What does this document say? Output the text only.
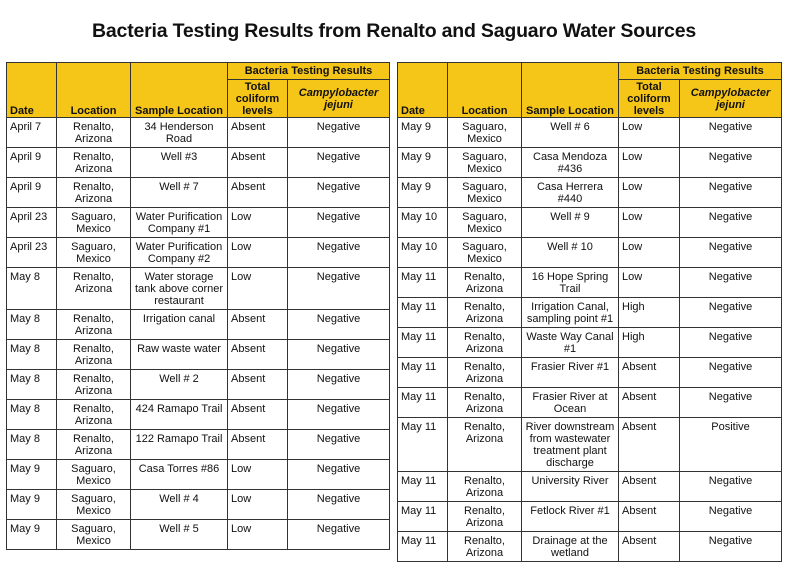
Bacteria Testing Results from Renalto and Saguaro Water Sources
Date	Location	Sample Location	Bacteria Testing Results	
			Total coliform levels	Campylobacter jejuni
April 7	Renalto, Arizona	34 Henderson Road	Absent	Negative
April 9	Renalto, Arizona	Well #3	Absent	Negative
April 9	Renalto, Arizona	Well # 7	Absent	Negative
April 23	Saguaro, Mexico	Water Purification Company #1	Low	Negative
April 23	Saguaro, Mexico	Water Purification Company #2	Low	Negative
May 8	Renalto, Arizona	Water storage tank above corner restaurant	Low	Negative
May 8	Renalto, Arizona	Irrigation canal	Absent	Negative
May 8	Renalto, Arizona	Raw waste water	Absent	Negative
May 8	Renalto, Arizona	Well # 2	Absent	Negative
May 8	Renalto, Arizona	424 Ramapo Trail	Absent	Negative
May 8	Renalto, Arizona	122 Ramapo Trail	Absent	Negative
May 9	Saguaro, Mexico	Casa Torres #86	Low	Negative
May 9	Saguaro, Mexico	Well # 4	Low	Negative
May 9	Saguaro, Mexico	Well # 5	Low	Negative
Date	Location	Sample Location	Bacteria Testing Results	
			Total coliform levels	Campylobacter jejuni
May 9	Saguaro, Mexico	Well # 6	Low	Negative
May 9	Saguaro, Mexico	Casa Mendoza #436	Low	Negative
May 9	Saguaro, Mexico	Casa Herrera #440	Low	Negative
May 10	Saguaro, Mexico	Well # 9	Low	Negative
May 10	Saguaro, Mexico	Well # 10	Low	Negative
May 11	Renalto, Arizona	16 Hope Spring Trail	Low	Negative
May 11	Renalto, Arizona	Irrigation Canal, sampling point #1	High	Negative
May 11	Renalto, Arizona	Waste Way Canal #1	High	Negative
May 11	Renalto, Arizona	Frasier River #1	Absent	Negative
May 11	Renalto, Arizona	Frasier River at Ocean	Absent	Negative
May 11	Renalto, Arizona	River downstream from wastewater treatment plant discharge	Absent	Positive
May 11	Renalto, Arizona	University River	Absent	Negative
May 11	Renalto, Arizona	Fetlock River #1	Absent	Negative
May 11	Renalto, Arizona	Drainage at the wetland	Absent	Negative
